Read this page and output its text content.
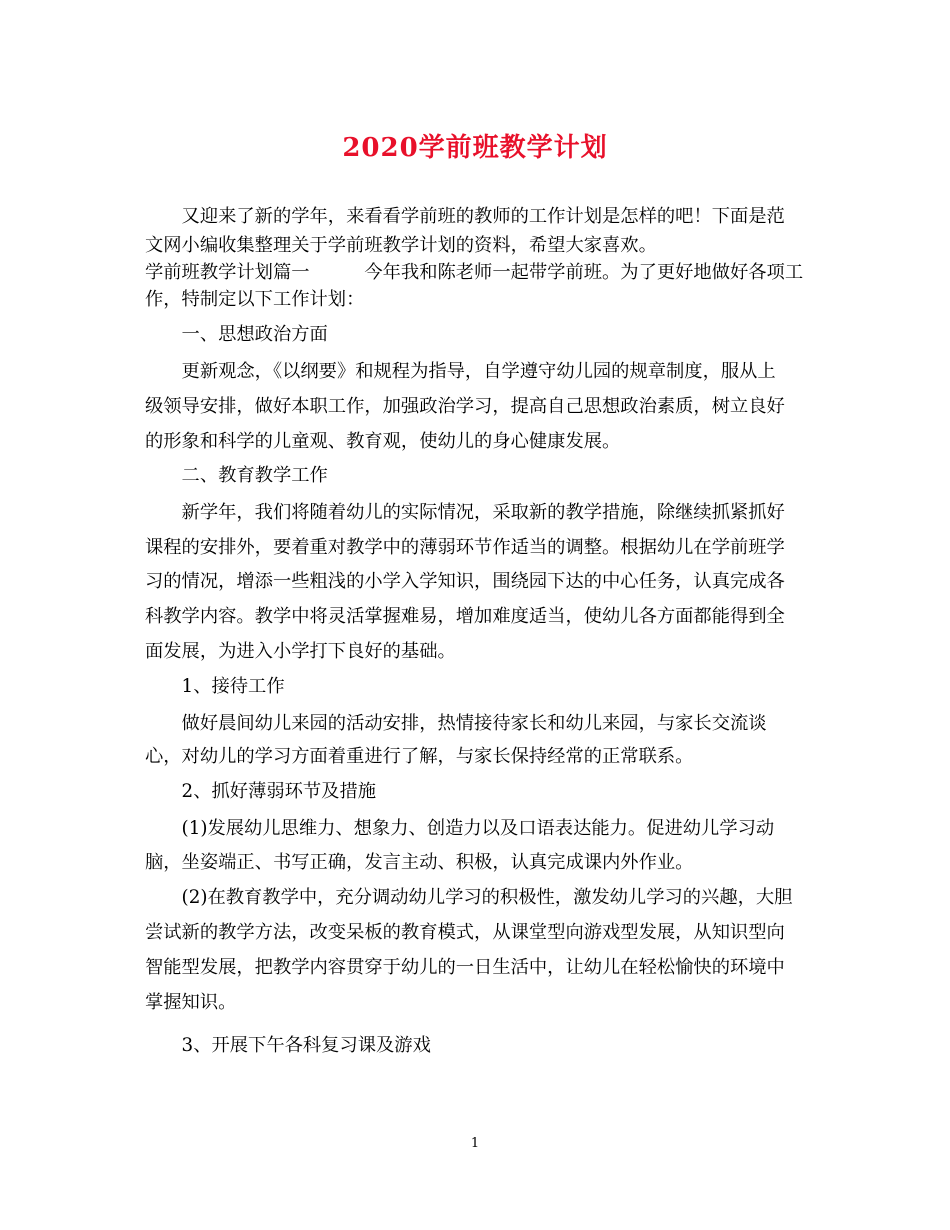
2020学前班教学计划

　　又迎来了新的学年，来看看学前班的教师的工作计划是怎样的吧！下面是范

文网小编收集整理关于学前班教学计划的资料，希望大家喜欢。

学前班教学计划篇一　　　今年我和陈老师一起带学前班。为了更好地做好各项工

作，特制定以下工作计划：

　　一、思想政治方面

　　更新观念，《以纲要》和规程为指导，自学遵守幼儿园的规章制度，服从上

级领导安排，做好本职工作，加强政治学习，提高自己思想政治素质，树立良好

的形象和科学的儿童观、教育观，使幼儿的身心健康发展。

　　二、教育教学工作

　　新学年，我们将随着幼儿的实际情况，采取新的教学措施，除继续抓紧抓好

课程的安排外，要着重对教学中的薄弱环节作适当的调整。根据幼儿在学前班学

习的情况，增添一些粗浅的小学入学知识，围绕园下达的中心任务，认真完成各

科教学内容。教学中将灵活掌握难易，增加难度适当，使幼儿各方面都能得到全

面发展，为进入小学打下良好的基础。

　　1、接待工作

　　做好晨间幼儿来园的活动安排，热情接待家长和幼儿来园，与家长交流谈

心，对幼儿的学习方面着重进行了解，与家长保持经常的正常联系。

　　2、抓好薄弱环节及措施

　　(1)发展幼儿思维力、想象力、创造力以及口语表达能力。促进幼儿学习动

脑，坐姿端正、书写正确，发言主动、积极，认真完成课内外作业。

　　(2)在教育教学中，充分调动幼儿学习的积极性，激发幼儿学习的兴趣，大胆

尝试新的教学方法，改变呆板的教育模式，从课堂型向游戏型发展，从知识型向

智能型发展，把教学内容贯穿于幼儿的一日生活中，让幼儿在轻松愉快的环境中

掌握知识。

　　3、开展下午各科复习课及游戏

1
